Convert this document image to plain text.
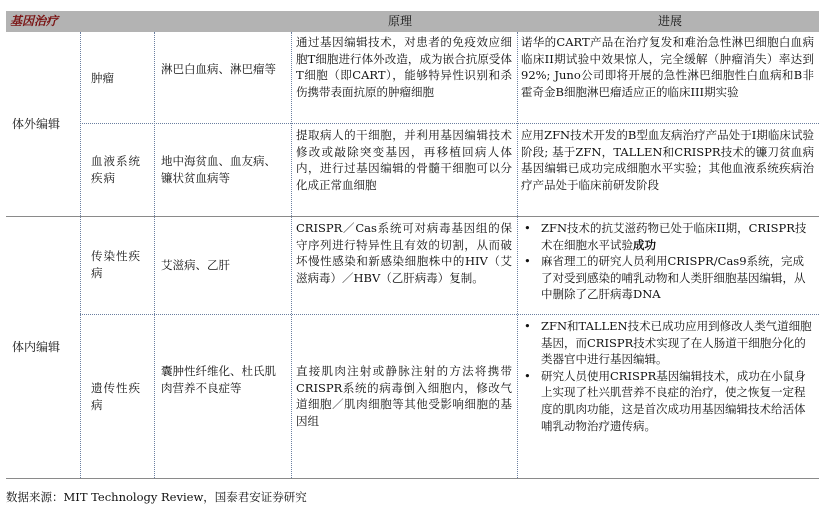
基因治疗	原理	进展
体外编辑
体内编辑
肿瘤
淋巴白血病、淋巴瘤等
通过基因编辑技术，对患者的免疫效应细胞T细胞进行体外改造，成为嵌合抗原受体T细胞（即CART），能够特异性识别和杀伤携带表面抗原的肿瘤细胞
诺华的CART产品在治疗复发和难治急性淋巴细胞白血病临床II期试验中效果惊人，完全缓解（肿瘤消失）率达到92%; Juno公司即将开展的急性淋巴细胞性白血病和B非霍奇金B细胞淋巴瘤适应正的临床III期实验
血液系统疾病
地中海贫血、血友病、镰状贫血病等
提取病人的干细胞，并利用基因编辑技术修改或敲除突变基因，再移植回病人体内，进行过基因编辑的骨髓干细胞可以分化成正常血细胞
应用ZFN技术开发的B型血友病治疗产品处于I期临床试验阶段; 基于ZFN，TALLEN和CRISPR技术的镰刀贫血病基因编辑已成功完成细胞水平实验；其他血液系统疾病治疗产品处于临床前研发阶段
传染性疾病
艾滋病、乙肝
CRISPR／Cas系统可对病毒基因组的保守序列进行特异性且有效的切割，从而破坏慢性感染和新感染细胞株中的HIV（艾滋病毒）／HBV（乙肝病毒）复制。
• ZFN技术的抗艾滋药物已处于临床II期，CRISPR技术在细胞水平试验成功
• 麻省理工的研究人员利用CRISPR/Cas9系统，完成了对受到感染的哺乳动物和人类肝细胞基因编辑，从中删除了乙肝病毒DNA
遗传性疾病
囊肿性纤维化、杜氏肌肉营养不良症等
直接肌肉注射或静脉注射的方法将携带CRISPR系统的病毒倒入细胞内，修改气道细胞／肌肉细胞等其他受影响细胞的基因组
• ZFN和TALLEN技术已成功应用到修改人类气道细胞基因，而CRISPR技术实现了在人肠道干细胞分化的类器官中进行基因编辑。
• 研究人员使用CRISPR基因编辑技术，成功在小鼠身上实现了杜兴肌营养不良症的治疗，使之恢复一定程度的肌肉功能，这是首次成功用基因编辑技术给活体哺乳动物治疗遗传病。
数据来源：MIT Technology Review，国泰君安证券研究
